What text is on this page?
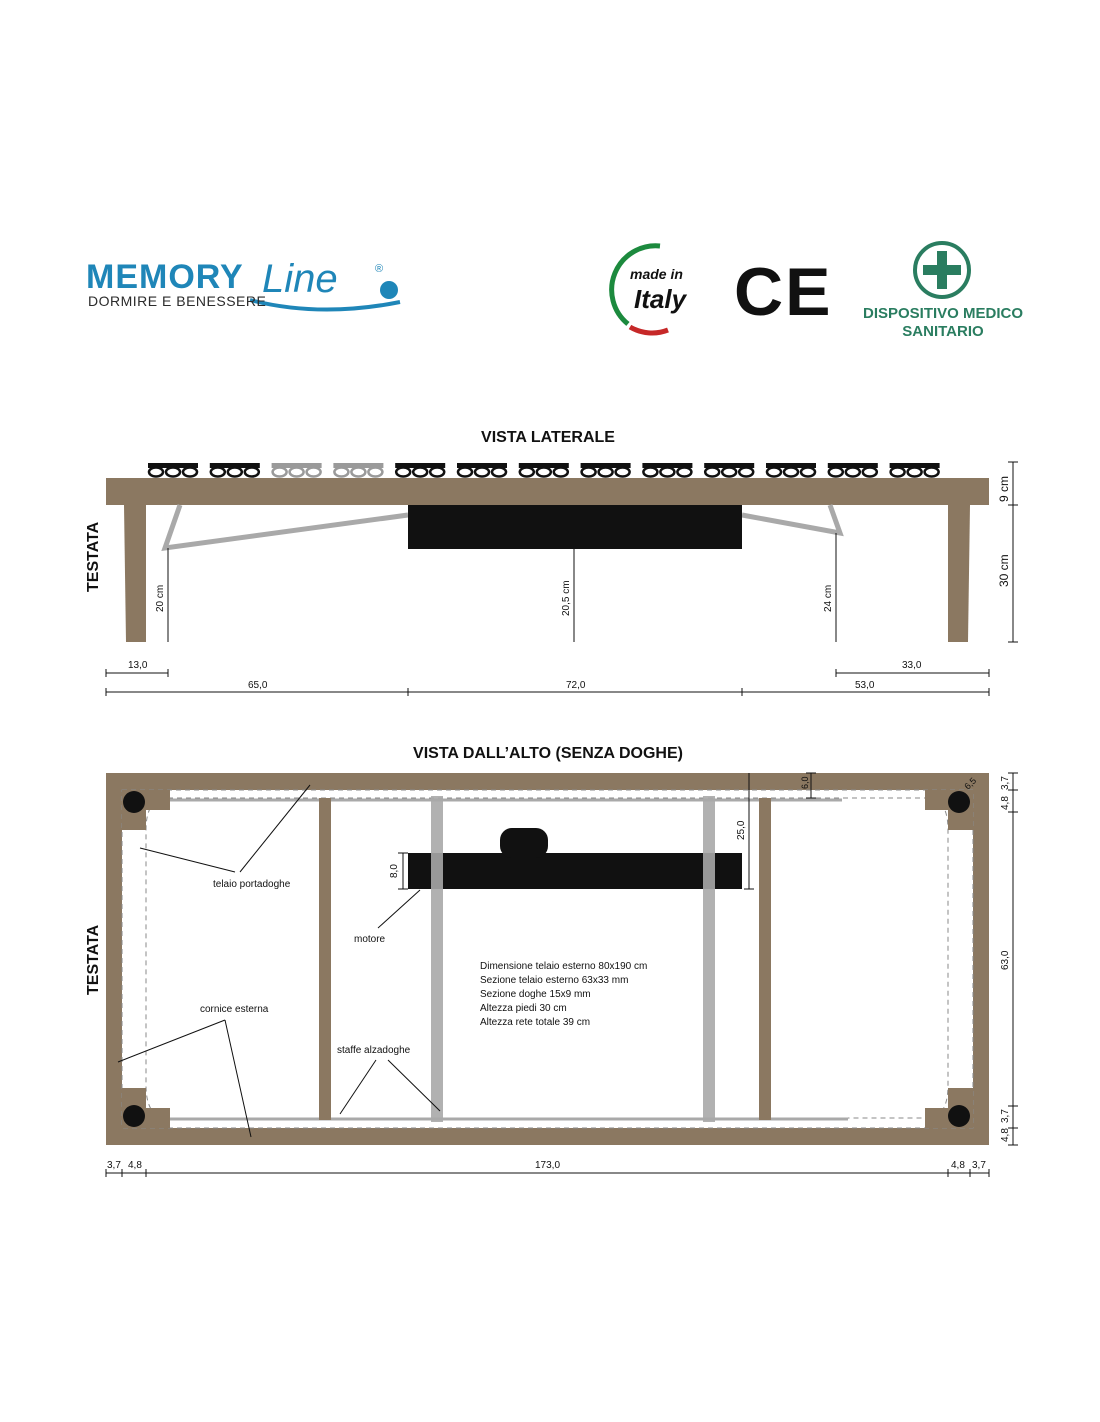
MEMORY Line	®
DORMIRE E BENESSERE
made in
Italy CE DISPOSITIVO MEDICO
SANITARIO
VISTA LATERALE
20 cm	20,5 cm	24 cm
TESTATA
9 cm
30 cm
13,0	33,0
65,0	72,0	53,0
VISTA DALL’ALTO (SENZA DOGHE)
8,0
25,0
6,0	6,5 3,7
4,8
63,0
3,7
4,8
telaio portadoghe
motore
cornice esterna
staffe alzadoghe
Dimensione telaio esterno 80x190 cm
Sezione telaio esterno 63x33 mm
Sezione doghe 15x9 mm
Altezza piedi 30 cm
Altezza rete totale 39 cm
TESTATA
3,7 4,8	173,0	4,8 3,7
